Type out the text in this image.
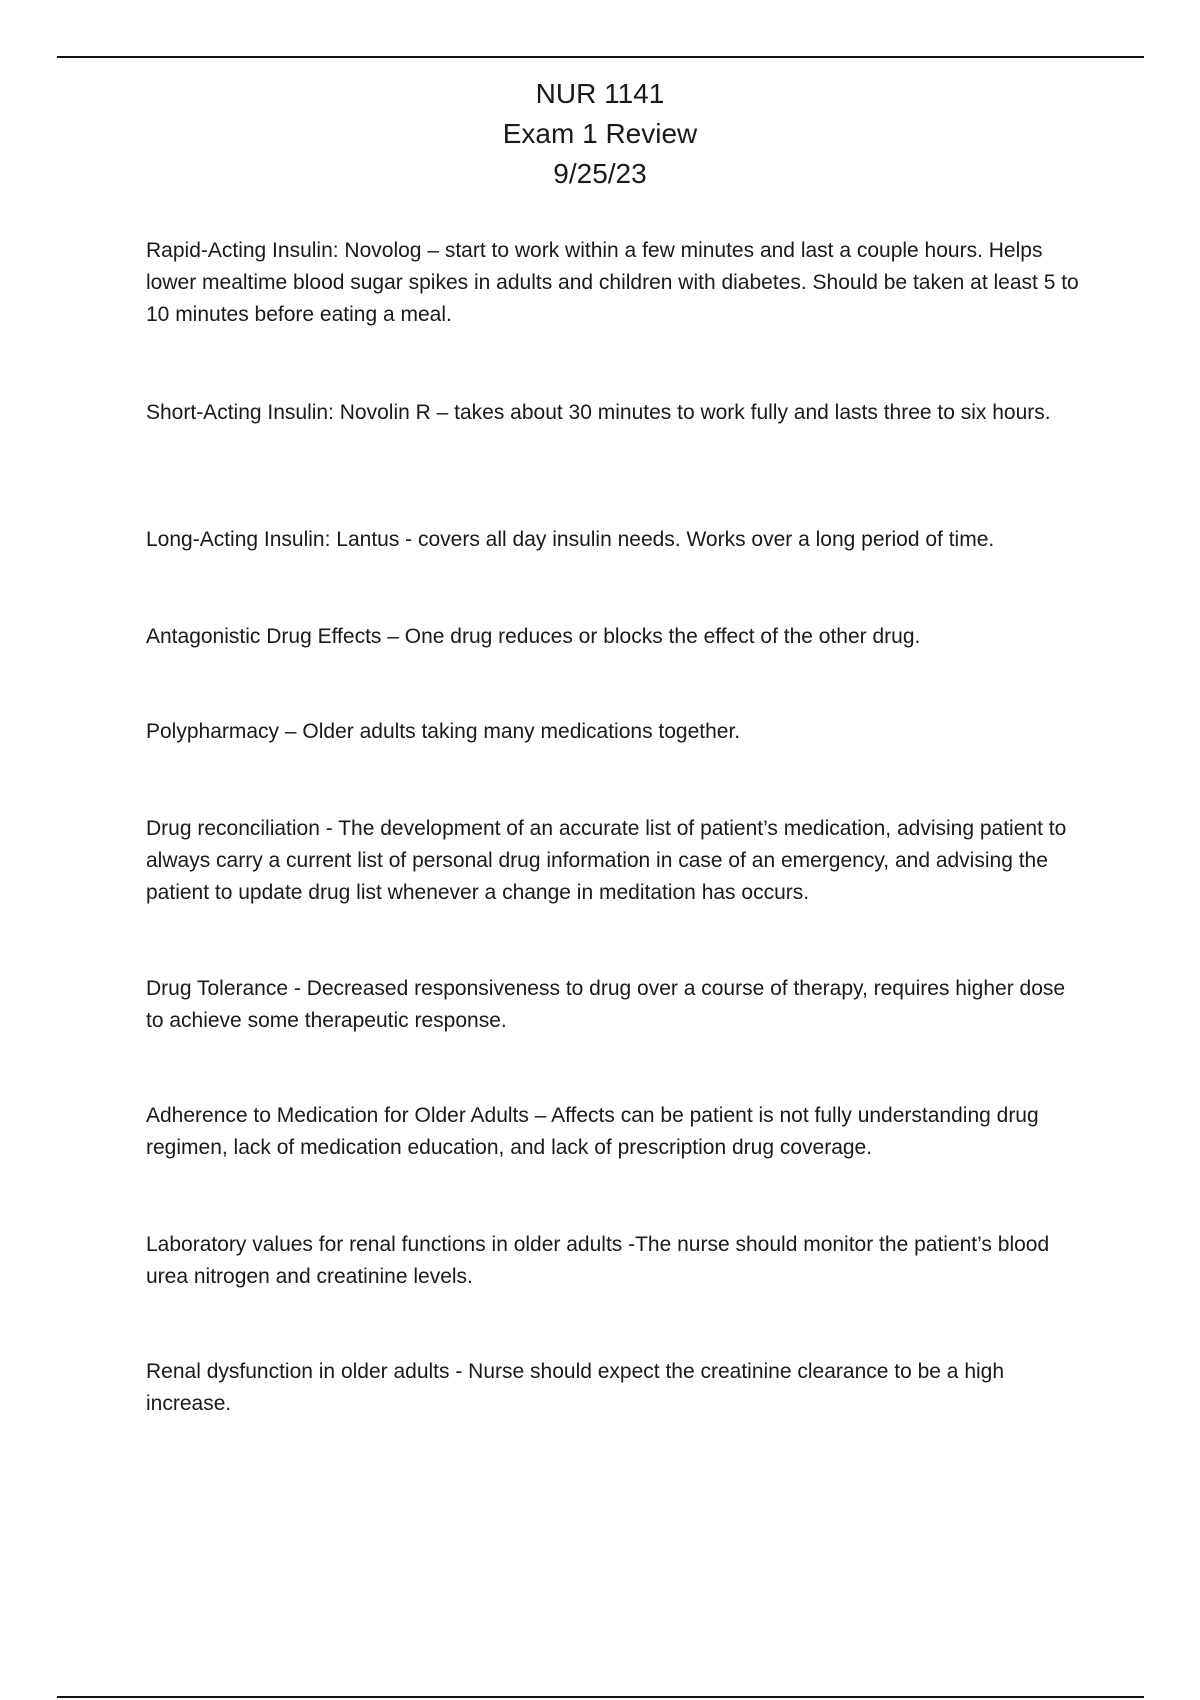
NUR 1141
Exam 1 Review
9/25/23

Rapid-Acting Insulin: Novolog – start to work within a few minutes and last a couple hours. Helps lower mealtime blood sugar spikes in adults and children with diabetes. Should be taken at least 5 to 10 minutes before eating a meal.

Short-Acting Insulin: Novolin R – takes about 30 minutes to work fully and lasts three to six hours.

Long-Acting Insulin: Lantus - covers all day insulin needs. Works over a long period of time.

Antagonistic Drug Effects – One drug reduces or blocks the effect of the other drug.

Polypharmacy – Older adults taking many medications together.

Drug reconciliation - The development of an accurate list of patient’s medication, advising patient to always carry a current list of personal drug information in case of an emergency, and advising the patient to update drug list whenever a change in meditation has occurs.

Drug Tolerance - Decreased responsiveness to drug over a course of therapy, requires higher dose to achieve some therapeutic response.

Adherence to Medication for Older Adults – Affects can be patient is not fully understanding drug regimen, lack of medication education, and lack of prescription drug coverage.

Laboratory values for renal functions in older adults -The nurse should monitor the patient’s blood urea nitrogen and creatinine levels.

Renal dysfunction in older adults - Nurse should expect the creatinine clearance to be a high increase.
